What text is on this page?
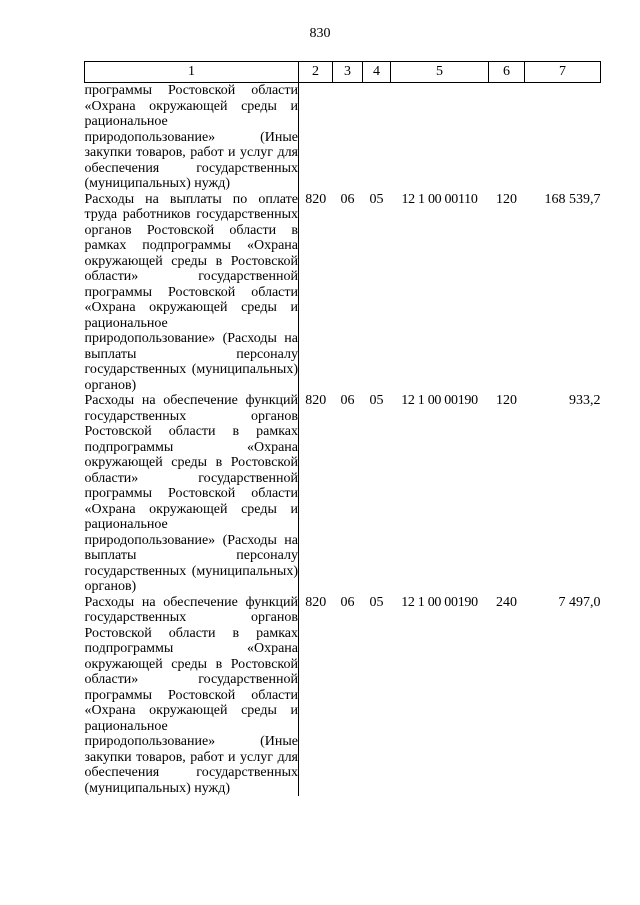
830
1	2	3	4	5	6	7
программы Ростовской области «Охрана окружающей среды и рациональное природопользование» (Иные закупки товаров, работ и услуг для обеспечения государственных (муниципальных) нужд)						
Расходы на выплаты по оплате труда работников государственных органов Ростовской области в рамках подпрограммы «Охрана окружающей среды в Ростовской области» государственной программы Ростовской области «Охрана окружающей среды и рациональное природопользование» (Расходы на выплаты персоналу государственных (муниципальных) органов)	820	06	05	12 1 00 00110	120	168 539,7
Расходы на обеспечение функций государственных органов Ростовской области в рамках подпрограммы «Охрана окружающей среды в Ростовской области» государственной программы Ростовской области «Охрана окружающей среды и рациональное природопользование» (Расходы на выплаты персоналу государственных (муниципальных) органов)	820	06	05	12 1 00 00190	120	933,2
Расходы на обеспечение функций государственных органов Ростовской области в рамках подпрограммы «Охрана окружающей среды в Ростовской области» государственной программы Ростовской области «Охрана окружающей среды и рациональное природопользование» (Иные закупки товаров, работ и услуг для обеспечения государственных (муниципальных) нужд)	820	06	05	12 1 00 00190	240	7 497,0
